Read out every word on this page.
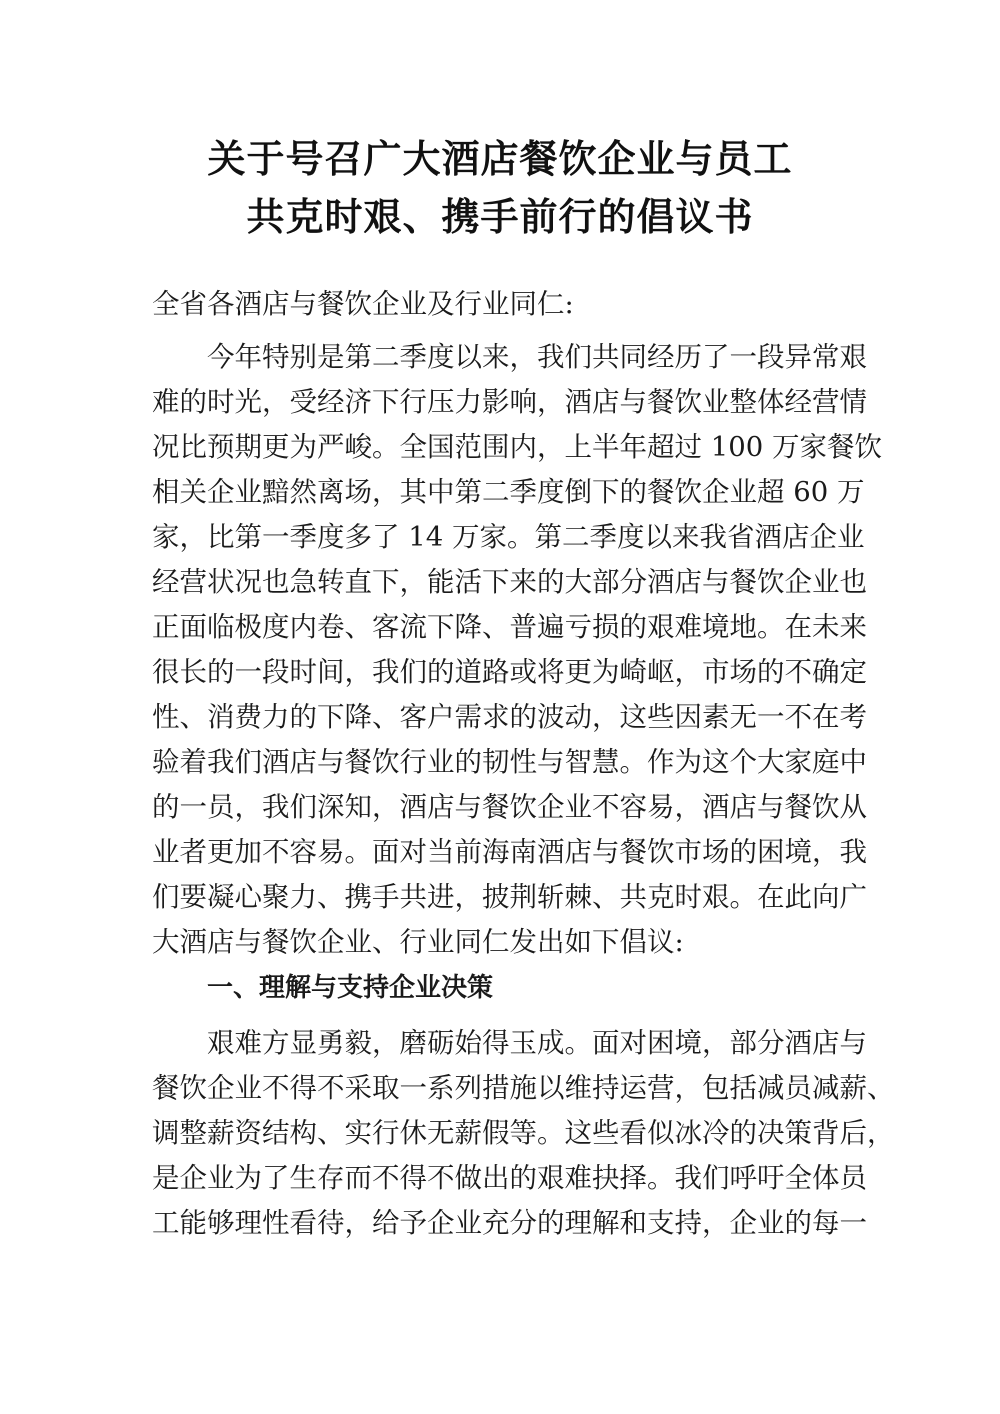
关于号召广大酒店餐饮企业与员工
共克时艰、携手前行的倡议书
全省各酒店与餐饮企业及行业同仁:
今年特别是第二季度以来，我们共同经历了一段异常艰
难的时光，受经济下行压力影响，酒店与餐饮业整体经营情
况比预期更为严峻。全国范围内，上半年超过 100 万家餐饮
相关企业黯然离场，其中第二季度倒下的餐饮企业超 60 万
家，比第一季度多了 14 万家。第二季度以来我省酒店企业
经营状况也急转直下，能活下来的大部分酒店与餐饮企业也
正面临极度内卷、客流下降、普遍亏损的艰难境地。在未来
很长的一段时间，我们的道路或将更为崎岖，市场的不确定
性、消费力的下降、客户需求的波动，这些因素无一不在考
验着我们酒店与餐饮行业的韧性与智慧。作为这个大家庭中
的一员，我们深知，酒店与餐饮企业不容易，酒店与餐饮从
业者更加不容易。面对当前海南酒店与餐饮市场的困境，我
们要凝心聚力、携手共进，披荆斩棘、共克时艰。在此向广
大酒店与餐饮企业、行业同仁发出如下倡议:
一、理解与支持企业决策
艰难方显勇毅，磨砺始得玉成。面对困境，部分酒店与
餐饮企业不得不采取一系列措施以维持运营，包括减员减薪、
调整薪资结构、实行休无薪假等。这些看似冰冷的决策背后，
是企业为了生存而不得不做出的艰难抉择。我们呼吁全体员
工能够理性看待，给予企业充分的理解和支持，企业的每一
